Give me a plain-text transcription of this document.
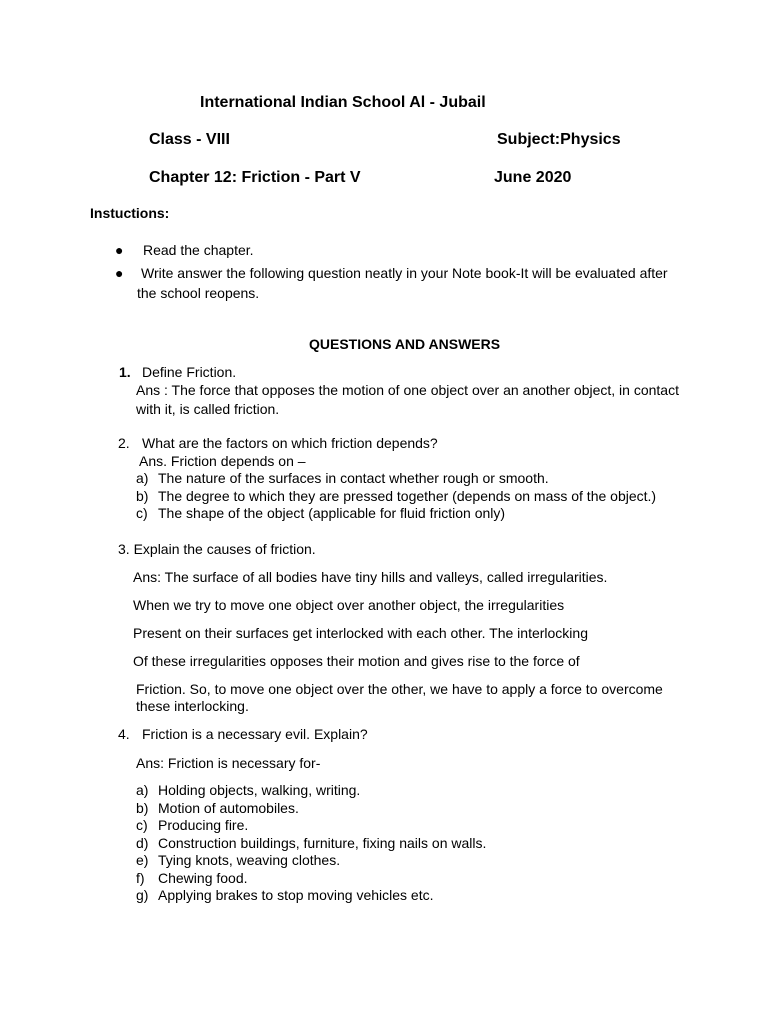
International Indian School Al - Jubail
Class - VIII	Subject:Physics
Chapter 12: Friction - Part V	June 2020
Instuctions:
● Read the chapter.
● Write answer the following question neatly in your Note book-It will be evaluated after
the school reopens.
QUESTIONS AND ANSWERS
1. Define Friction.
Ans : The force that opposes the motion of one object over an another object, in contact
with it, is called friction.
2. What are the factors on which friction depends?
Ans. Friction depends on –
a) The nature of the surfaces in contact whether rough or smooth.
b) The degree to which they are pressed together (depends on mass of the object.)
c) The shape of the object (applicable for fluid friction only)
3. Explain the causes of friction.
Ans: The surface of all bodies have tiny hills and valleys, called irregularities.
When we try to move one object over another object, the irregularities
Present on their surfaces get interlocked with each other. The interlocking
Of these irregularities opposes their motion and gives rise to the force of
Friction. So, to move one object over the other, we have to apply a force to overcome
these interlocking.
4. Friction is a necessary evil. Explain?
Ans: Friction is necessary for-
a) Holding objects, walking, writing.
b) Motion of automobiles.
c) Producing fire.
d) Construction buildings, furniture, fixing nails on walls.
e) Tying knots, weaving clothes.
f) Chewing food.
g) Applying brakes to stop moving vehicles etc.
